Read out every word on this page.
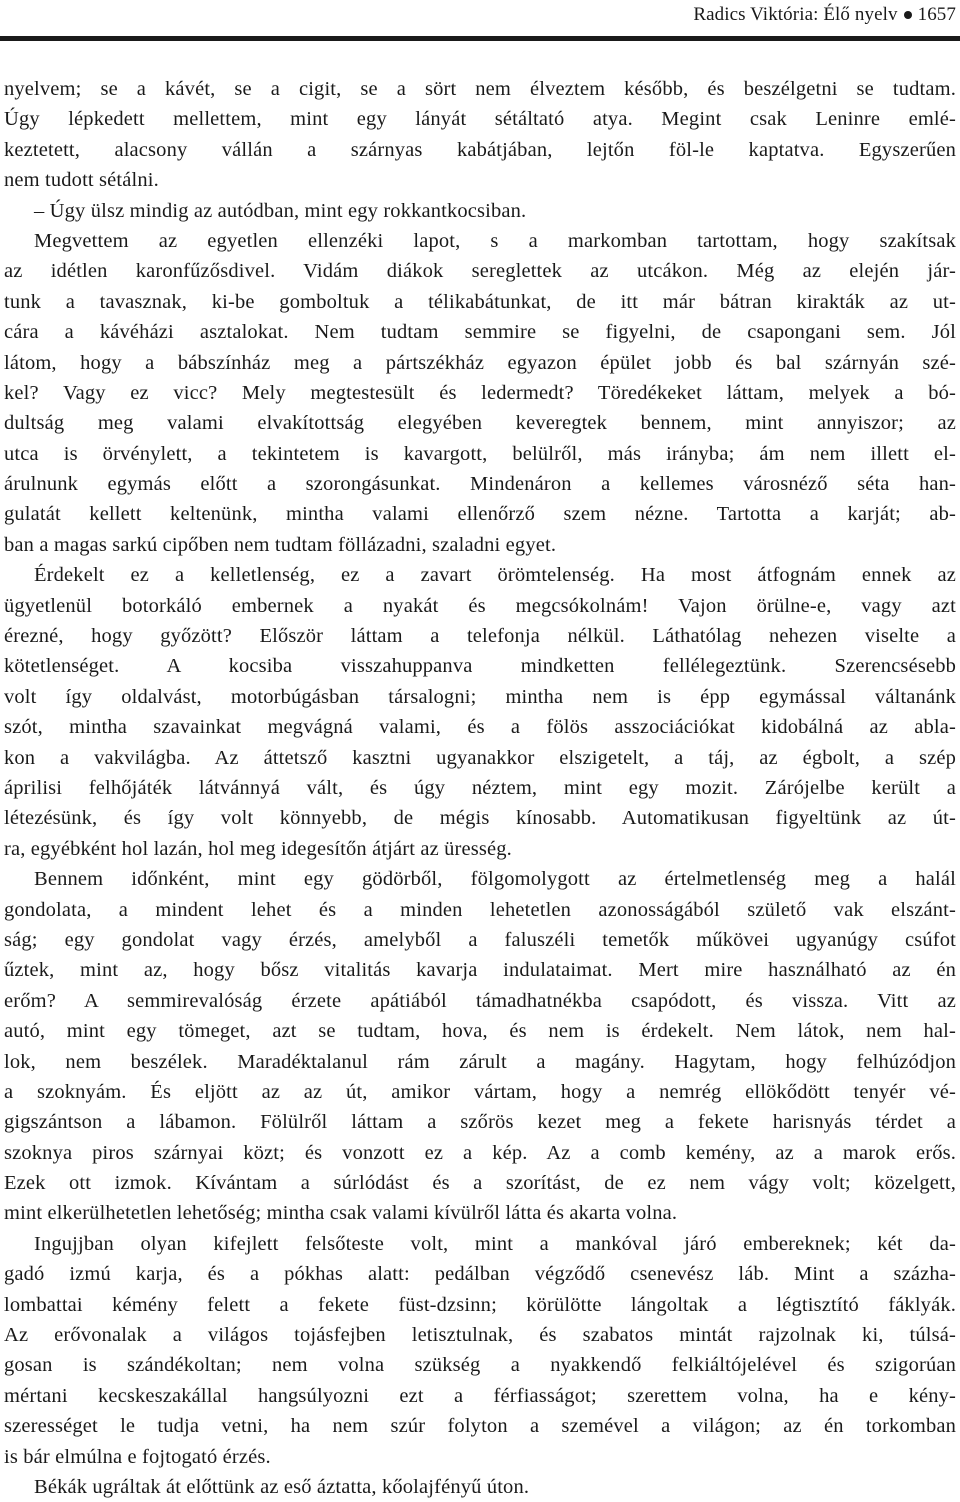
Radics Viktória: Élő nyelv 1657
nyelvem; se a kávét, se a cigit, se a sört nem élveztem később, és beszélgetni se tudtam.
Úgy lépkedett mellettem, mint egy lányát sétáltató atya. Megint csak Leninre emlé-
keztetett, alacsony vállán a szárnyas kabátjában, lejtőn föl-le kaptatva. Egyszerűen
nem tudott sétálni.
– Úgy ülsz mindig az autódban, mint egy rokkantkocsiban.
Megvettem az egyetlen ellenzéki lapot, s a markomban tartottam, hogy szakítsak
az idétlen karonfűzősdivel. Vidám diákok sereglettek az utcákon. Még az elején jár-
tunk a tavasznak, ki-be gomboltuk a télikabátunkat, de itt már bátran kirakták az ut-
cára a kávéházi asztalokat. Nem tudtam semmire se figyelni, de csapongani sem. Jól
látom, hogy a bábszínház meg a pártszékház egyazon épület jobb és bal szárnyán szé-
kel? Vagy ez vicc? Mely megtestesült és ledermedt? Töredékeket láttam, melyek a bó-
dultság meg valami elvakítottság elegyében keveregtek bennem, mint annyiszor; az
utca is örvénylett, a tekintetem is kavargott, belülről, más irányba; ám nem illett el-
árulnunk egymás előtt a szorongásunkat. Mindenáron a kellemes városnéző séta han-
gulatát kellett keltenünk, mintha valami ellenőrző szem nézne. Tartotta a karját; ab-
ban a magas sarkú cipőben nem tudtam föllázadni, szaladni egyet.
Érdekelt ez a kelletlenség, ez a zavart örömtelenség. Ha most átfognám ennek az
ügyetlenül botorkáló embernek a nyakát és megcsókolnám! Vajon örülne-e, vagy azt
érezné, hogy győzött? Először láttam a telefonja nélkül. Láthatólag nehezen viselte a
kötetlenséget. A kocsiba visszahuppanva mindketten fellélegeztünk. Szerencsésebb
volt így oldalvást, motorbúgásban társalogni; mintha nem is épp egymással váltanánk
szót, mintha szavainkat megvágná valami, és a fölös asszociációkat kidobálná az abla-
kon a vakvilágba. Az áttetsző kasztni ugyanakkor elszigetelt, a táj, az égbolt, a szép
áprilisi felhőjáték látvánnyá vált, és úgy néztem, mint egy mozit. Zárójelbe került a
létezésünk, és így volt könnyebb, de mégis kínosabb. Automatikusan figyeltünk az út-
ra, egyébként hol lazán, hol meg idegesítőn átjárt az üresség.
Bennem időnként, mint egy gödörből, fölgomolygott az értelmetlenség meg a halál
gondolata, a mindent lehet és a minden lehetetlen azonosságából születő vak elszánt-
ság; egy gondolat vagy érzés, amelyből a faluszéli temetők műkövei ugyanúgy csúfot
űztek, mint az, hogy bősz vitalitás kavarja indulataimat. Mert mire használható az én
erőm? A semmirevalóság érzete apátiából támadhatnékba csapódott, és vissza. Vitt az
autó, mint egy tömeget, azt se tudtam, hova, és nem is érdekelt. Nem látok, nem hal-
lok, nem beszélek. Maradéktalanul rám zárult a magány. Hagytam, hogy felhúzódjon
a szoknyám. És eljött az az út, amikor vártam, hogy a nemrég ellökődött tenyér vé-
gigszántson a lábamon. Fölülről láttam a szőrös kezet meg a fekete harisnyás térdet a
szoknya piros szárnyai közt; és vonzott ez a kép. Az a comb kemény, az a marok erős.
Ezek ott izmok. Kívántam a súrlódást és a szorítást, de ez nem vágy volt; közelgett,
mint elkerülhetetlen lehetőség; mintha csak valami kívülről látta és akarta volna.
Ingujjban olyan kifejlett felsőteste volt, mint a mankóval járó embereknek; két da-
gadó izmú karja, és a pókhas alatt: pedálban végződő csenevész láb. Mint a százha-
lombattai kémény felett a fekete füst-dzsinn; körülötte lángoltak a légtisztító fáklyák.
Az erővonalak a világos tojásfejben letisztulnak, és szabatos mintát rajzolnak ki, túlsá-
gosan is szándékoltan; nem volna szükség a nyakkendő felkiáltójelével és szigorúan
mértani kecskeszakállal hangsúlyozni ezt a férfiasságot; szerettem volna, ha e kény-
szerességet le tudja vetni, ha nem szúr folyton a szemével a világon; az én torkomban
is bár elmúlna e fojtogató érzés.
Békák ugráltak át előttünk az eső áztatta, kőolajfényű úton.
